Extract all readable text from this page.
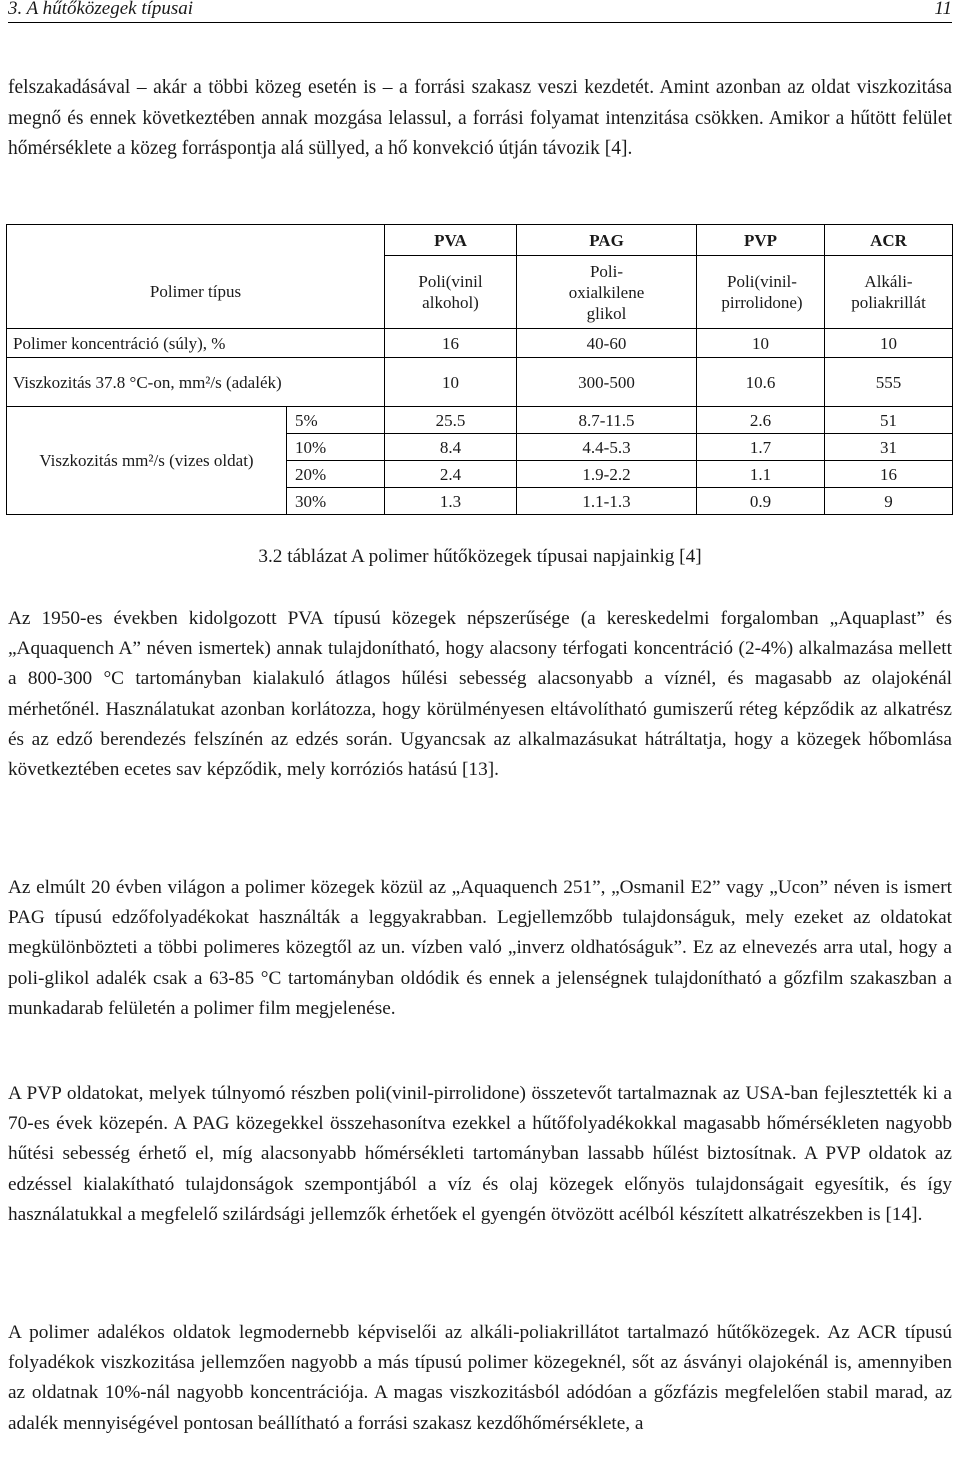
3. A hűtőközegek típusai	11

felszakadásával – akár a többi közeg esetén is – a forrási szakasz veszi kezdetét. Amint azonban az oldat viszkozitása megnő és ennek következtében annak mozgása lelassul, a forrási folyamat intenzitása csökken. Amikor a hűtött felület hőmérséklete a közeg forráspontja alá süllyed, a hő konvekció útján távozik [4].

		PVA	PAG	PVP	ACR
Polimer típus		Poli(vinil alkohol)	Poli-oxialkilene glikol	Poli(vinil-pirrolidone)	Alkáli-poliakrillát

Polimer koncentráció (súly), %		16	40-60	10	10

Viszkozitás 37.8 °C-on, mm²/s (adalék)		10	300-500	10.6	555

Viszkozitás mm²/s (vizes oldat)	5%	25.5	8.7-11.5	2.6	51
	10%	8.4	4.4-5.3	1.7	31
	20%	2.4	1.9-2.2	1.1	16
	30%	1.3	1.1-1.3	0.9	9
3.2 táblázat A polimer hűtőközegek típusai napjainkig [4]

Az 1950-es években kidolgozott PVA típusú közegek népszerűsége (a kereskedelmi forgalomban „Aquaplast” és „Aquaquench A” néven ismertek) annak tulajdonítható, hogy alacsony térfogati koncentráció (2-4%) alkalmazása mellett a 800-300 °C tartományban kialakuló átlagos hűlési sebesség alacsonyabb a víznél, és magasabb az olajokénál mérhetőnél. Használatukat azonban korlátozza, hogy körülményesen eltávolítható gumiszerű réteg képződik az alkatrész és az edző berendezés felszínén az edzés során. Ugyancsak az alkalmazásukat hátráltatja, hogy a közegek hőbomlása következtében ecetes sav képződik, mely korróziós hatású [13].

Az elmúlt 20 évben világon a polimer közegek közül az „Aquaquench 251”, „Osmanil E2” vagy „Ucon” néven is ismert PAG típusú edzőfolyadékokat használták a leggyakrabban. Legjellemzőbb tulajdonságuk, mely ezeket az oldatokat megkülönbözteti a többi polimeres közegtől az un. vízben való „inverz oldhatóságuk”. Ez az elnevezés arra utal, hogy a poli-glikol adalék csak a 63-85 °C tartományban oldódik és ennek a jelenségnek tulajdonítható a gőzfilm szakaszban a munkadarab felületén a polimer film megjelenése.

A PVP oldatokat, melyek túlnyomó részben poli(vinil-pirrolidone) összetevőt tartalmaznak az USA-ban fejlesztették ki a 70-es évek közepén. A PAG közegekkel összehasonítva ezekkel a hűtőfolyadékokkal magasabb hőmérsékleten nagyobb hűtési sebesség érhető el, míg alacsonyabb hőmérsékleti tartományban lassabb hűlést biztosítnak. A PVP oldatok az edzéssel kialakítható tulajdonságok szempontjából a víz és olaj közegek előnyös tulajdonságait egyesítik, és így használatukkal a megfelelő szilárdsági jellemzők érhetőek el gyengén ötvözött acélból készített alkatrészekben is [14].

A polimer adalékos oldatok legmodernebb képviselői az alkáli-poliakrillátot tartalmazó hűtőközegek. Az ACR típusú folyadékok viszkozitása jellemzően nagyobb a más típusú polimer közegeknél, sőt az ásványi olajokénál is, amennyiben az oldatnak 10%-nál nagyobb koncentrációja. A magas viszkozitásból adódóan a gőzfázis megfelelően stabil marad, az adalék mennyiségével pontosan beállítható a forrási szakasz kezdőhőmérséklete, a
